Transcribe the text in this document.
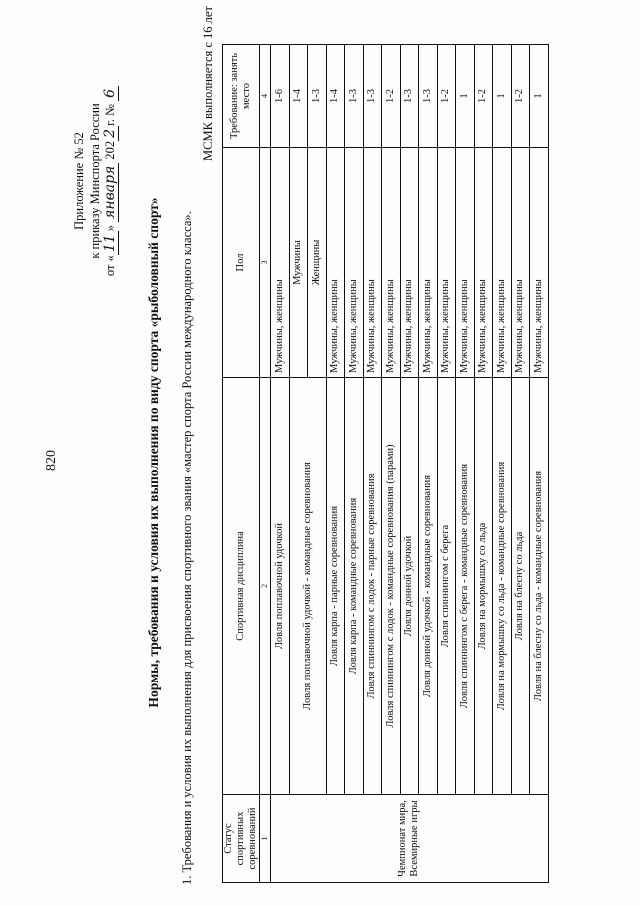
820
Приложение № 52 к приказу Минспорта России
от «11» января 2022г. № 6
Нормы, требования и условия их выполнения по виду спорта «рыболовный спорт» 1. Требования и условия их выполнения для присвоения спортивного звания «мастер спорта России международного класса».
МСМК выполняется с 16 лет
Статус спортивных соревнований	Спортивная дисциплина	Пол	Требование: занять место
1	2	3	4
Чемпионат мира, Всемирные игры	Ловля поплавочной удочкой	Мужчины, женщины	1-6
	Ловля поплавочной удочкой - командные соревнования	Мужчины	1-4
		Женщины	1-3
	Ловля карпа - парные соревнования	Мужчины, женщины	1-4
	Ловля карпа - командные соревнования	Мужчины, женщины	1-3
	Ловля спиннингом с лодок - парные соревнования	Мужчины, женщины	1-3
	Ловля спиннингом с лодок - командные соревнования (парами)	Мужчины, женщины	1-2
	Ловля донной удочкой	Мужчины, женщины	1-3
	Ловля донной удочкой - командные соревнования	Мужчины, женщины	1-3
	Ловля спиннингом с берега	Мужчины, женщины	1-2
	Ловля спиннингом с берега - командные соревнования	Мужчины, женщины	1
	Ловля на мормышку со льда	Мужчины, женщины	1-2
	Ловля на мормышку со льда - командные соревнования	Мужчины, женщины	1
	Ловля на блесну со льда	Мужчины, женщины	1-2
	Ловля на блесну со льда - командные соревнования	Мужчины, женщины	1
